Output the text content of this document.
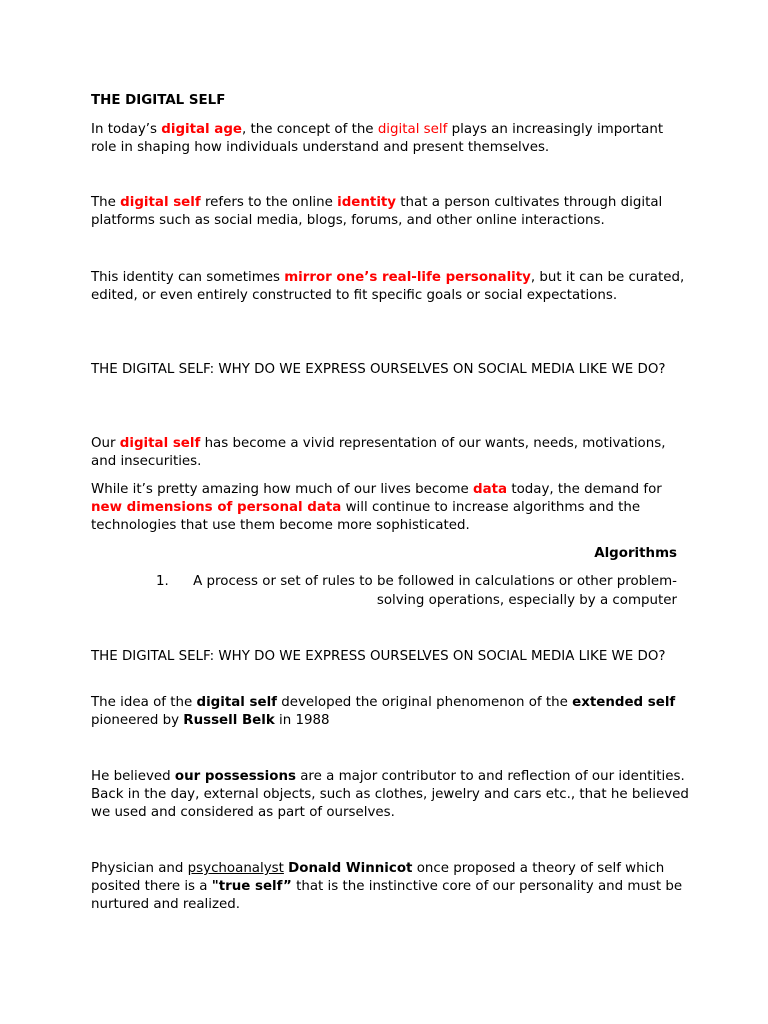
THE DIGITAL SELF
In today’s digital age, the concept of the digital self plays an increasingly important role in shaping how individuals understand and present themselves.
The digital self refers to the online identity that a person cultivates through digital platforms such as social media, blogs, forums, and other online interactions.
This identity can sometimes mirror one’s real-life personality, but it can be curated, edited, or even entirely constructed to fit specific goals or social expectations.
THE DIGITAL SELF: WHY DO WE EXPRESS OURSELVES ON SOCIAL MEDIA LIKE WE DO?
Our digital self has become a vivid representation of our wants, needs, motivations, and insecurities.
While it’s pretty amazing how much of our lives become data today, the demand for new dimensions of personal data will continue to increase algorithms and the technologies that use them become more sophisticated.
Algorithms
1.	A process or set of rules to be followed in calculations or other problem-
solving operations, especially by a computer
THE DIGITAL SELF: WHY DO WE EXPRESS OURSELVES ON SOCIAL MEDIA LIKE WE DO?
The idea of the digital self developed the original phenomenon of the extended self pioneered by Russell Belk in 1988
He believed our possessions are a major contributor to and reflection of our identities. Back in the day, external objects, such as clothes, jewelry and cars etc., that he believed we used and considered as part of ourselves.
Physician and psychoanalyst Donald Winnicot once proposed a theory of self which posited there is a "true self” that is the instinctive core of our personality and must be nurtured and realized.
